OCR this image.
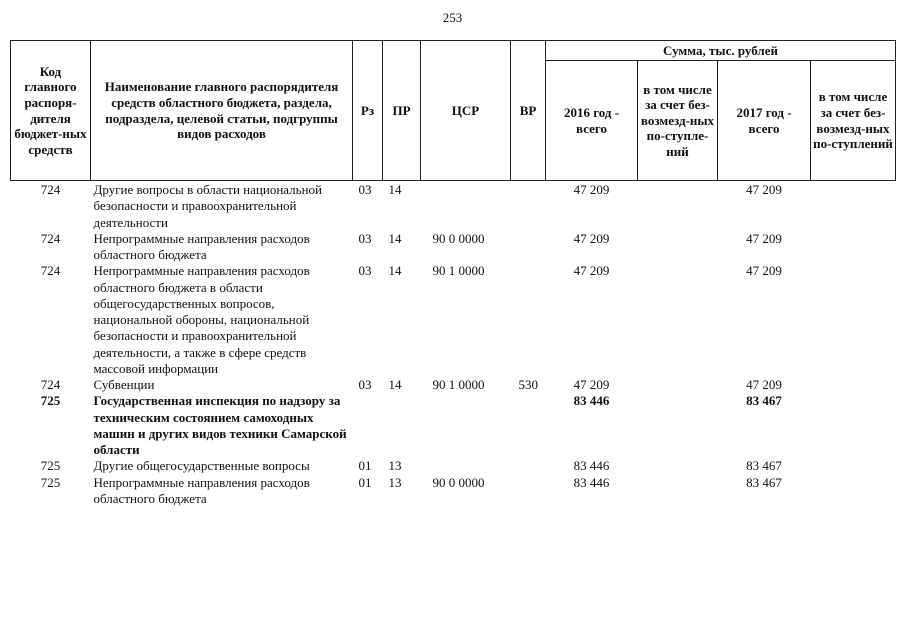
253
Код главного распоря-дителя бюджет-ных средств	Наименование главного распорядителя средств областного бюджета, раздела, подраздела, целевой статьи, подгруппы видов расходов	Рз	ПР	ЦСР	ВР	Сумма, тыс. рублей			
						2016 год - всего	в том числе за счет без-возмезд-ных по-ступле-ний	2017 год - всего	в том числе за счет без-возмезд-ных по-ступлений
724	Другие вопросы в области национальной безопасности и правоохранительной деятельности	03	14			47 209		47 209	
724	Непрограммные направления расходов областного бюджета	03	14	90 0 0000		47 209		47 209	
724	Непрограммные направления расходов областного бюджета в области общегосударственных вопросов, национальной обороны, национальной безопасности и правоохранительной деятельности, а также в сфере средств массовой информации	03	14	90 1 0000		47 209		47 209	
724	Субвенции	03	14	90 1 0000	530	47 209		47 209	
725	Государственная инспекция по надзору за техническим состоянием самоходных машин и других видов техники Самарской области					83 446		83 467	
725	Другие общегосударственные вопросы	01	13			83 446		83 467	
725	Непрограммные направления расходов областного бюджета	01	13	90 0 0000		83 446		83 467	
